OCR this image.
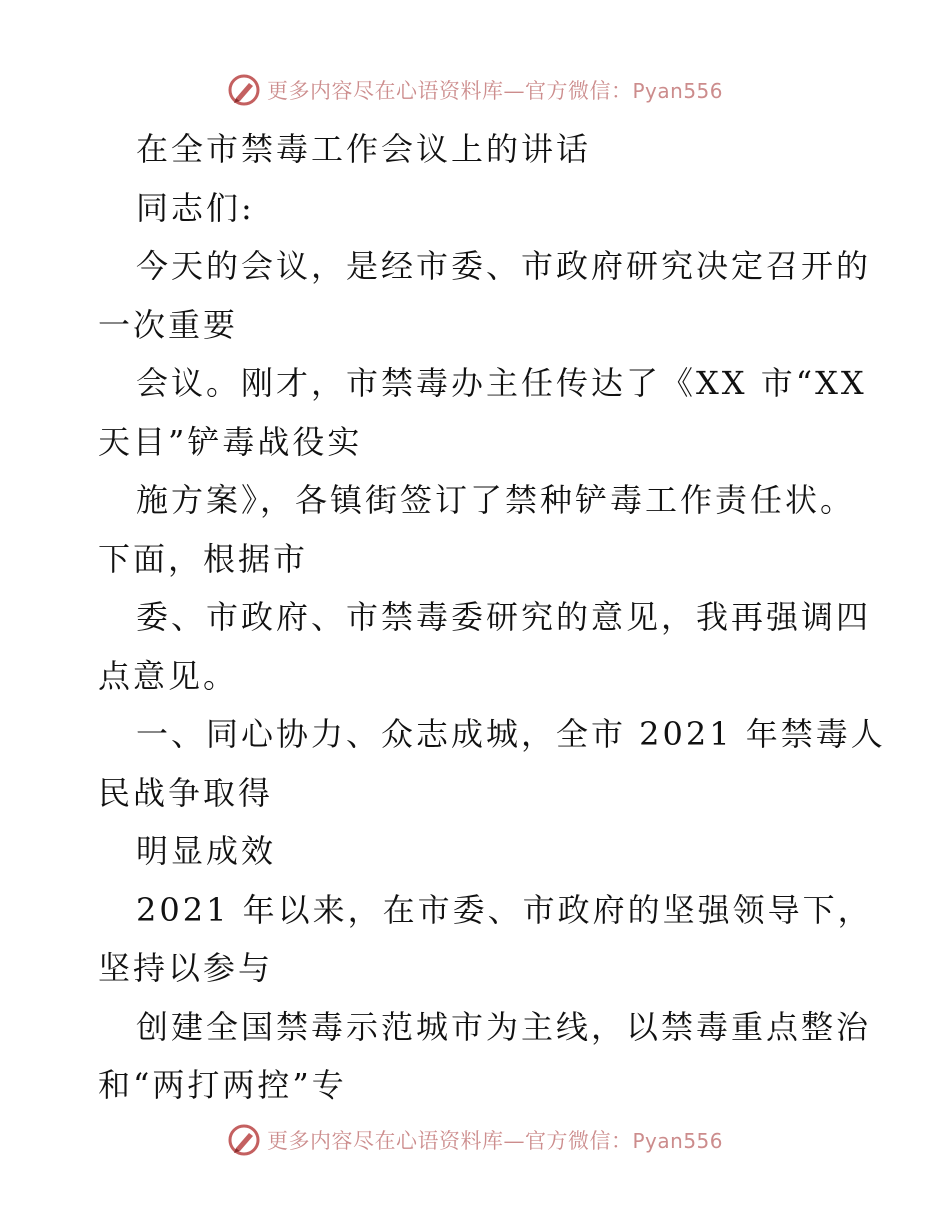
更多内容尽在心语资料库—官方微信：Pyan556
在全市禁毒工作会议上的讲话
同志们:
今天的会议，是经市委、市政府研究决定召开的
一次重要
会议。刚才，市禁毒办主任传达了《XX 市“XX
天目”铲毒战役实
施方案》，各镇街签订了禁种铲毒工作责任状。
下面，根据市
委、市政府、市禁毒委研究的意见，我再强调四
点意见。
一、同心协力、众志成城，全市 2021 年禁毒人
民战争取得
明显成效
2021 年以来，在市委、市政府的坚强领导下，
坚持以参与
创建全国禁毒示范城市为主线，以禁毒重点整治
和“两打两控”专
更多内容尽在心语资料库—官方微信：Pyan556
